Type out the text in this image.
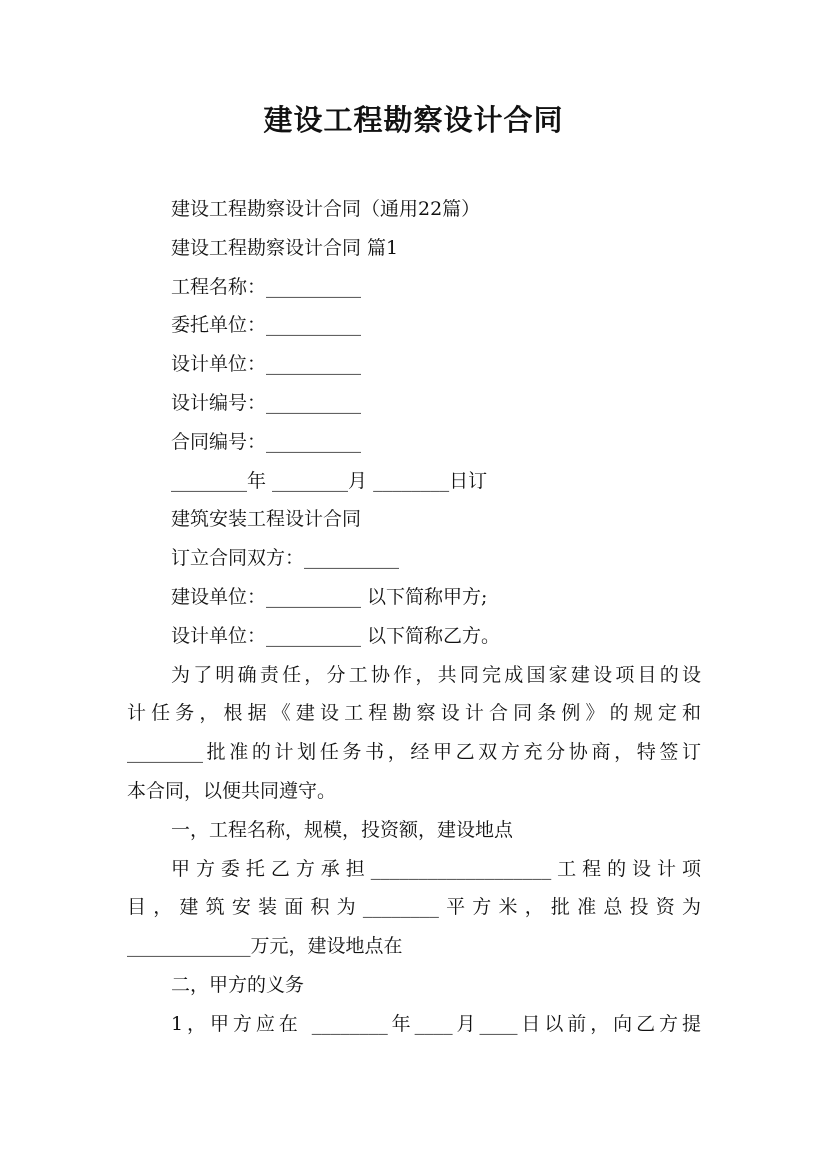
建设工程勘察设计合同
建设工程勘察设计合同（通用22篇）
建设工程勘察设计合同 篇1
工程名称：__________
委托单位：__________
设计单位：__________
设计编号：__________
合同编号：__________
________年 ________月 ________日订
建筑安装工程设计合同
订立合同双方：__________
建设单位：__________ 以下简称甲方;
设计单位：__________ 以下简称乙方。
为了明确责任，分工协作，共同完成国家建设项目的设
计任务，根据《建设工程勘察设计合同条例》的规定和
________批准的计划任务书，经甲乙双方充分协商，特签订
本合同，以便共同遵守。
一，工程名称，规模，投资额，建设地点
甲方委托乙方承担___________________工程的设计项
目，建筑安装面积为________平方米，批准总投资为
_____________万元，建设地点在
二，甲方的义务
1，甲方应在 ________年____月____日以前，向乙方提
